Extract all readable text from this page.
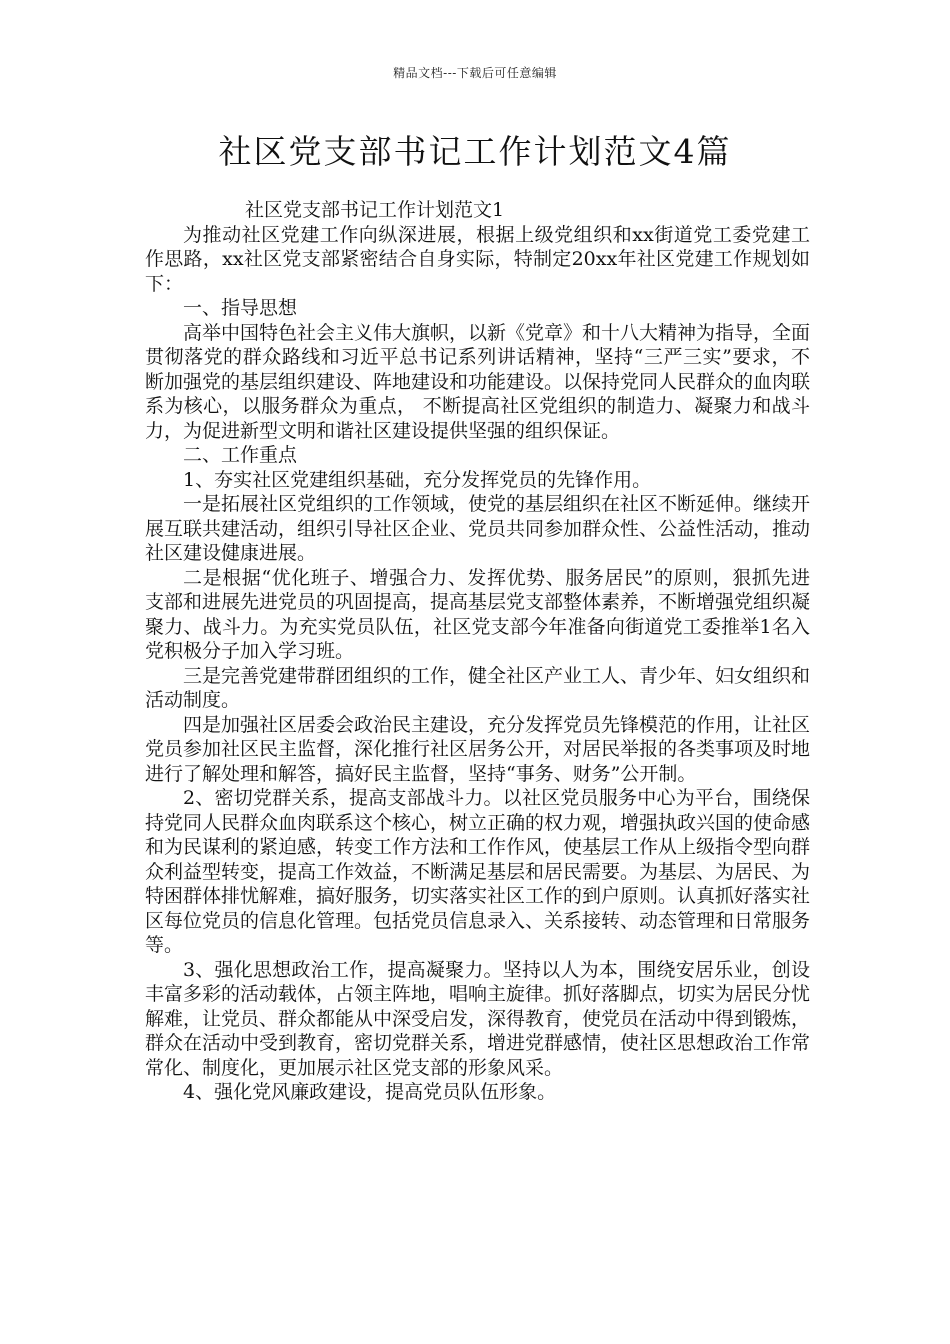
精品文档---下载后可任意编辑
社区党支部书记工作计划范文4篇

社区党支部书记工作计划范文1

为推动社区党建工作向纵深进展，根据上级党组织和xx街道党工委党建工作思路，xx社区党支部紧密结合自身实际，特制定20xx年社区党建工作规划如下：

一、指导思想

高举中国特色社会主义伟大旗帜，以新《党章》和十八大精神为指导，全面贯彻落党的群众路线和习近平总书记系列讲话精神，坚持“三严三实”要求，不断加强党的基层组织建设、阵地建设和功能建设。以保持党同人民群众的血肉联系为核心，以服务群众为重点， 不断提高社区党组织的制造力、凝聚力和战斗力，为促进新型文明和谐社区建设提供坚强的组织保证。

二、工作重点

1、夯实社区党建组织基础，充分发挥党员的先锋作用。

一是拓展社区党组织的工作领域，使党的基层组织在社区不断延伸。继续开展互联共建活动，组织引导社区企业、党员共同参加群众性、公益性活动，推动社区建设健康进展。

二是根据“优化班子、增强合力、发挥优势、服务居民”的原则，狠抓先进支部和进展先进党员的巩固提高，提高基层党支部整体素养，不断增强党组织凝聚力、战斗力。为充实党员队伍，社区党支部今年准备向街道党工委推举1名入党积极分子加入学习班。

三是完善党建带群团组织的工作，健全社区产业工人、青少年、妇女组织和活动制度。

四是加强社区居委会政治民主建设，充分发挥党员先锋模范的作用，让社区党员参加社区民主监督，深化推行社区居务公开，对居民举报的各类事项及时地进行了解处理和解答，搞好民主监督，坚持“事务、财务”公开制。

2、密切党群关系，提高支部战斗力。以社区党员服务中心为平台，围绕保持党同人民群众血肉联系这个核心，树立正确的权力观，增强执政兴国的使命感和为民谋利的紧迫感，转变工作方法和工作作风，使基层工作从上级指令型向群众利益型转变，提高工作效益，不断满足基层和居民需要。为基层、为居民、为特困群体排忧解难，搞好服务，切实落实社区工作的到户原则。认真抓好落实社区每位党员的信息化管理。包括党员信息录入、关系接转、动态管理和日常服务等。

3、强化思想政治工作，提高凝聚力。坚持以人为本，围绕安居乐业，创设丰富多彩的活动载体，占领主阵地，唱响主旋律。抓好落脚点，切实为居民分忧解难，让党员、群众都能从中深受启发，深得教育，使党员在活动中得到锻炼，群众在活动中受到教育，密切党群关系，增进党群感情，使社区思想政治工作常常化、制度化，更加展示社区党支部的形象风采。

4、强化党风廉政建设，提高党员队伍形象。
